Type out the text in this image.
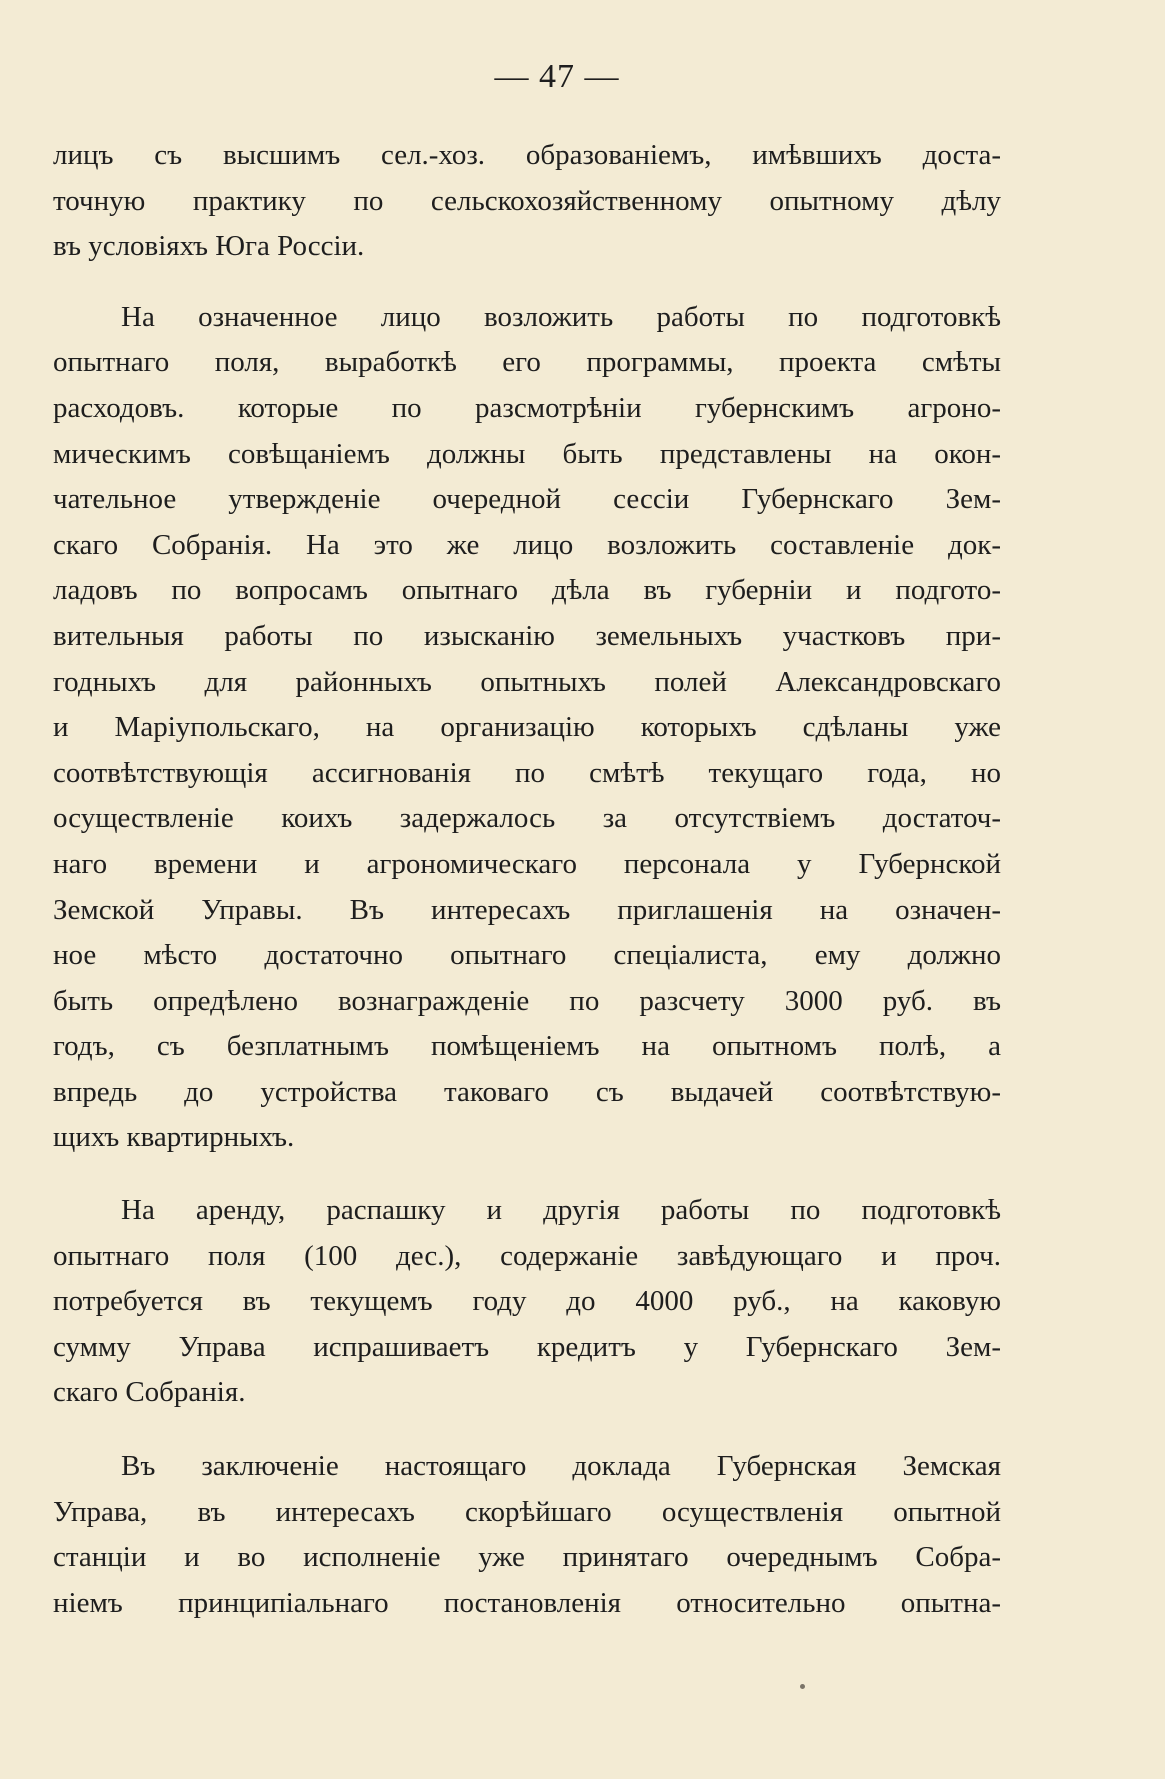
— 47 —
лицъ съ высшимъ сел.-хоз. образованіемъ, имѣвшихъ доста-
точную практику по сельскохозяйственному опытному дѣлу
въ условіяхъ Юга Россіи.
На означенное лицо возложить работы по подготовкѣ
опытнаго поля, выработкѣ его программы, проекта смѣты
расходовъ. которые по разсмотрѣніи губернскимъ агроно-
мическимъ совѣщаніемъ должны быть представлены на окон-
чательное утвержденіе очередной сессіи Губернскаго Зем-
скаго Собранія. На это же лицо возложить составленіе док-
ладовъ по вопросамъ опытнаго дѣла въ губерніи и подгото-
вительныя работы по изысканію земельныхъ участковъ при-
годныхъ для районныхъ опытныхъ полей Александровскаго
и Маріупольскаго, на организацію которыхъ сдѣланы уже
соотвѣтствующія ассигнованія по смѣтѣ текущаго года, но
осуществленіе коихъ задержалось за отсутствіемъ достаточ-
наго времени и агрономическаго персонала у Губернской
Земской Управы. Въ интересахъ приглашенія на означен-
ное мѣсто достаточно опытнаго спеціалиста, ему должно
быть опредѣлено вознагражденіе по разсчету 3000 руб. въ
годъ, съ безплатнымъ помѣщеніемъ на опытномъ полѣ, а
впредь до устройства таковаго съ выдачей соотвѣтствую-
щихъ квартирныхъ.
На аренду, распашку и другія работы по подготовкѣ
опытнаго поля (100 дес.), содержаніе завѣдующаго и проч.
потребуется въ текущемъ году до 4000 руб., на каковую
сумму Управа испрашиваетъ кредитъ у Губернскаго Зем-
скаго Собранія.
Въ заключеніе настоящаго доклада Губернская Земская
Управа, въ интересахъ скорѣйшаго осуществленія опытной
станціи и во исполненіе уже принятаго очереднымъ Собра-
ніемъ принципіальнаго постановленія относительно опытна-
